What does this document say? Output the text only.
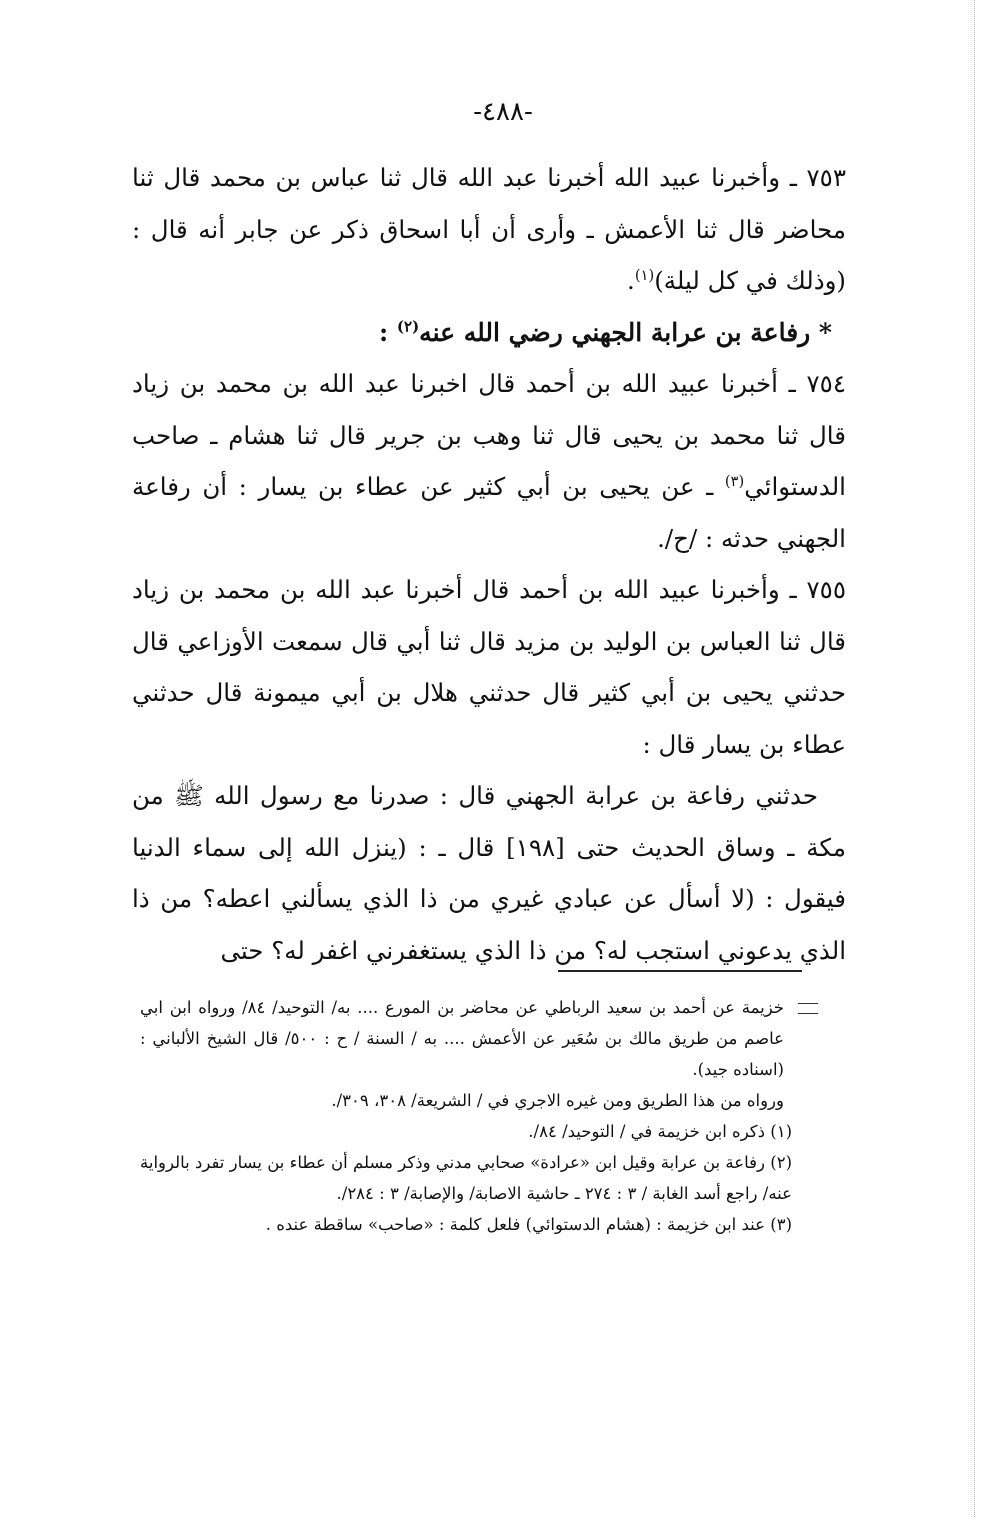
-٤٨٨-

٧٥٣ ـ وأخبرنا عبيد الله أخبرنا عبد الله قال ثنا عباس بن محمد قال ثنا محاضر قال ثنا الأعمش ـ وأرى أن أبا اسحاق ذكر عن جابر أنه قال : (وذلك في كل ليلة)$^{(١)}$.

* رفاعة بن عرابة الجهني رضي الله عنه$^{(٢)}$ :

٧٥٤ ـ أخبرنا عبيد الله بن أحمد قال اخبرنا عبد الله بن محمد بن زياد قال ثنا محمد بن يحيى قال ثنا وهب بن جرير قال ثنا هشام ـ صاحب الدستوائي$^{(٣)}$ ـ عن يحيى بن أبي كثير عن عطاء بن يسار : أن رفاعة الجهني حدثه : /ح/.

٧٥٥ ـ وأخبرنا عبيد الله بن أحمد قال أخبرنا عبد الله بن محمد بن زياد قال ثنا العباس بن الوليد بن مزيد قال ثنا أبي قال سمعت الأوزاعي قال حدثني يحيى بن أبي كثير قال حدثني هلال بن أبي ميمونة قال حدثني عطاء بن يسار قال :

حدثني رفاعة بن عرابة الجهني قال : صدرنا مع رسول الله ﷺ من مكة ـ وساق الحديث حتى [١٩٨] قال ـ : (ينزل الله إلى سماء الدنيا فيقول : (لا أسأل عن عبادي غيري من ذا الذي يسألني اعطه؟ من ذا الذي يدعوني استجب له؟ من ذا الذي يستغفرني اغفر له؟ حتى

خزيمة عن أحمد بن سعيد الرباطي عن محاضر بن المورع .... به/ التوحيد/ ٨٤/ ورواه ابن ابي عاصم من طريق مالك بن سُعَير عن الأعمش .... به / السنة / ح : ٥٠٠/ قال الشيخ الألباني : (اسناده جيد).

ورواه من هذا الطريق ومن غيره الاجري في / الشريعة/ ٣٠٨، ٣٠٩/.

(١) ذكره ابن خزيمة في / التوحيد/ ٨٤/.

(٢) رفاعة بن عرابة وقيل ابن «عرادة» صحابي مدني وذكر مسلم أن عطاء بن يسار تفرد بالرواية عنه/ راجع أسد الغابة / ٣ : ٢٧٤ ـ حاشية الاصابة/ والإصابة/ ٣ : ٢٨٤/.

(٣) عند ابن خزيمة : (هشام الدستوائي) فلعل كلمة : «صاحب» ساقطة عنده .
